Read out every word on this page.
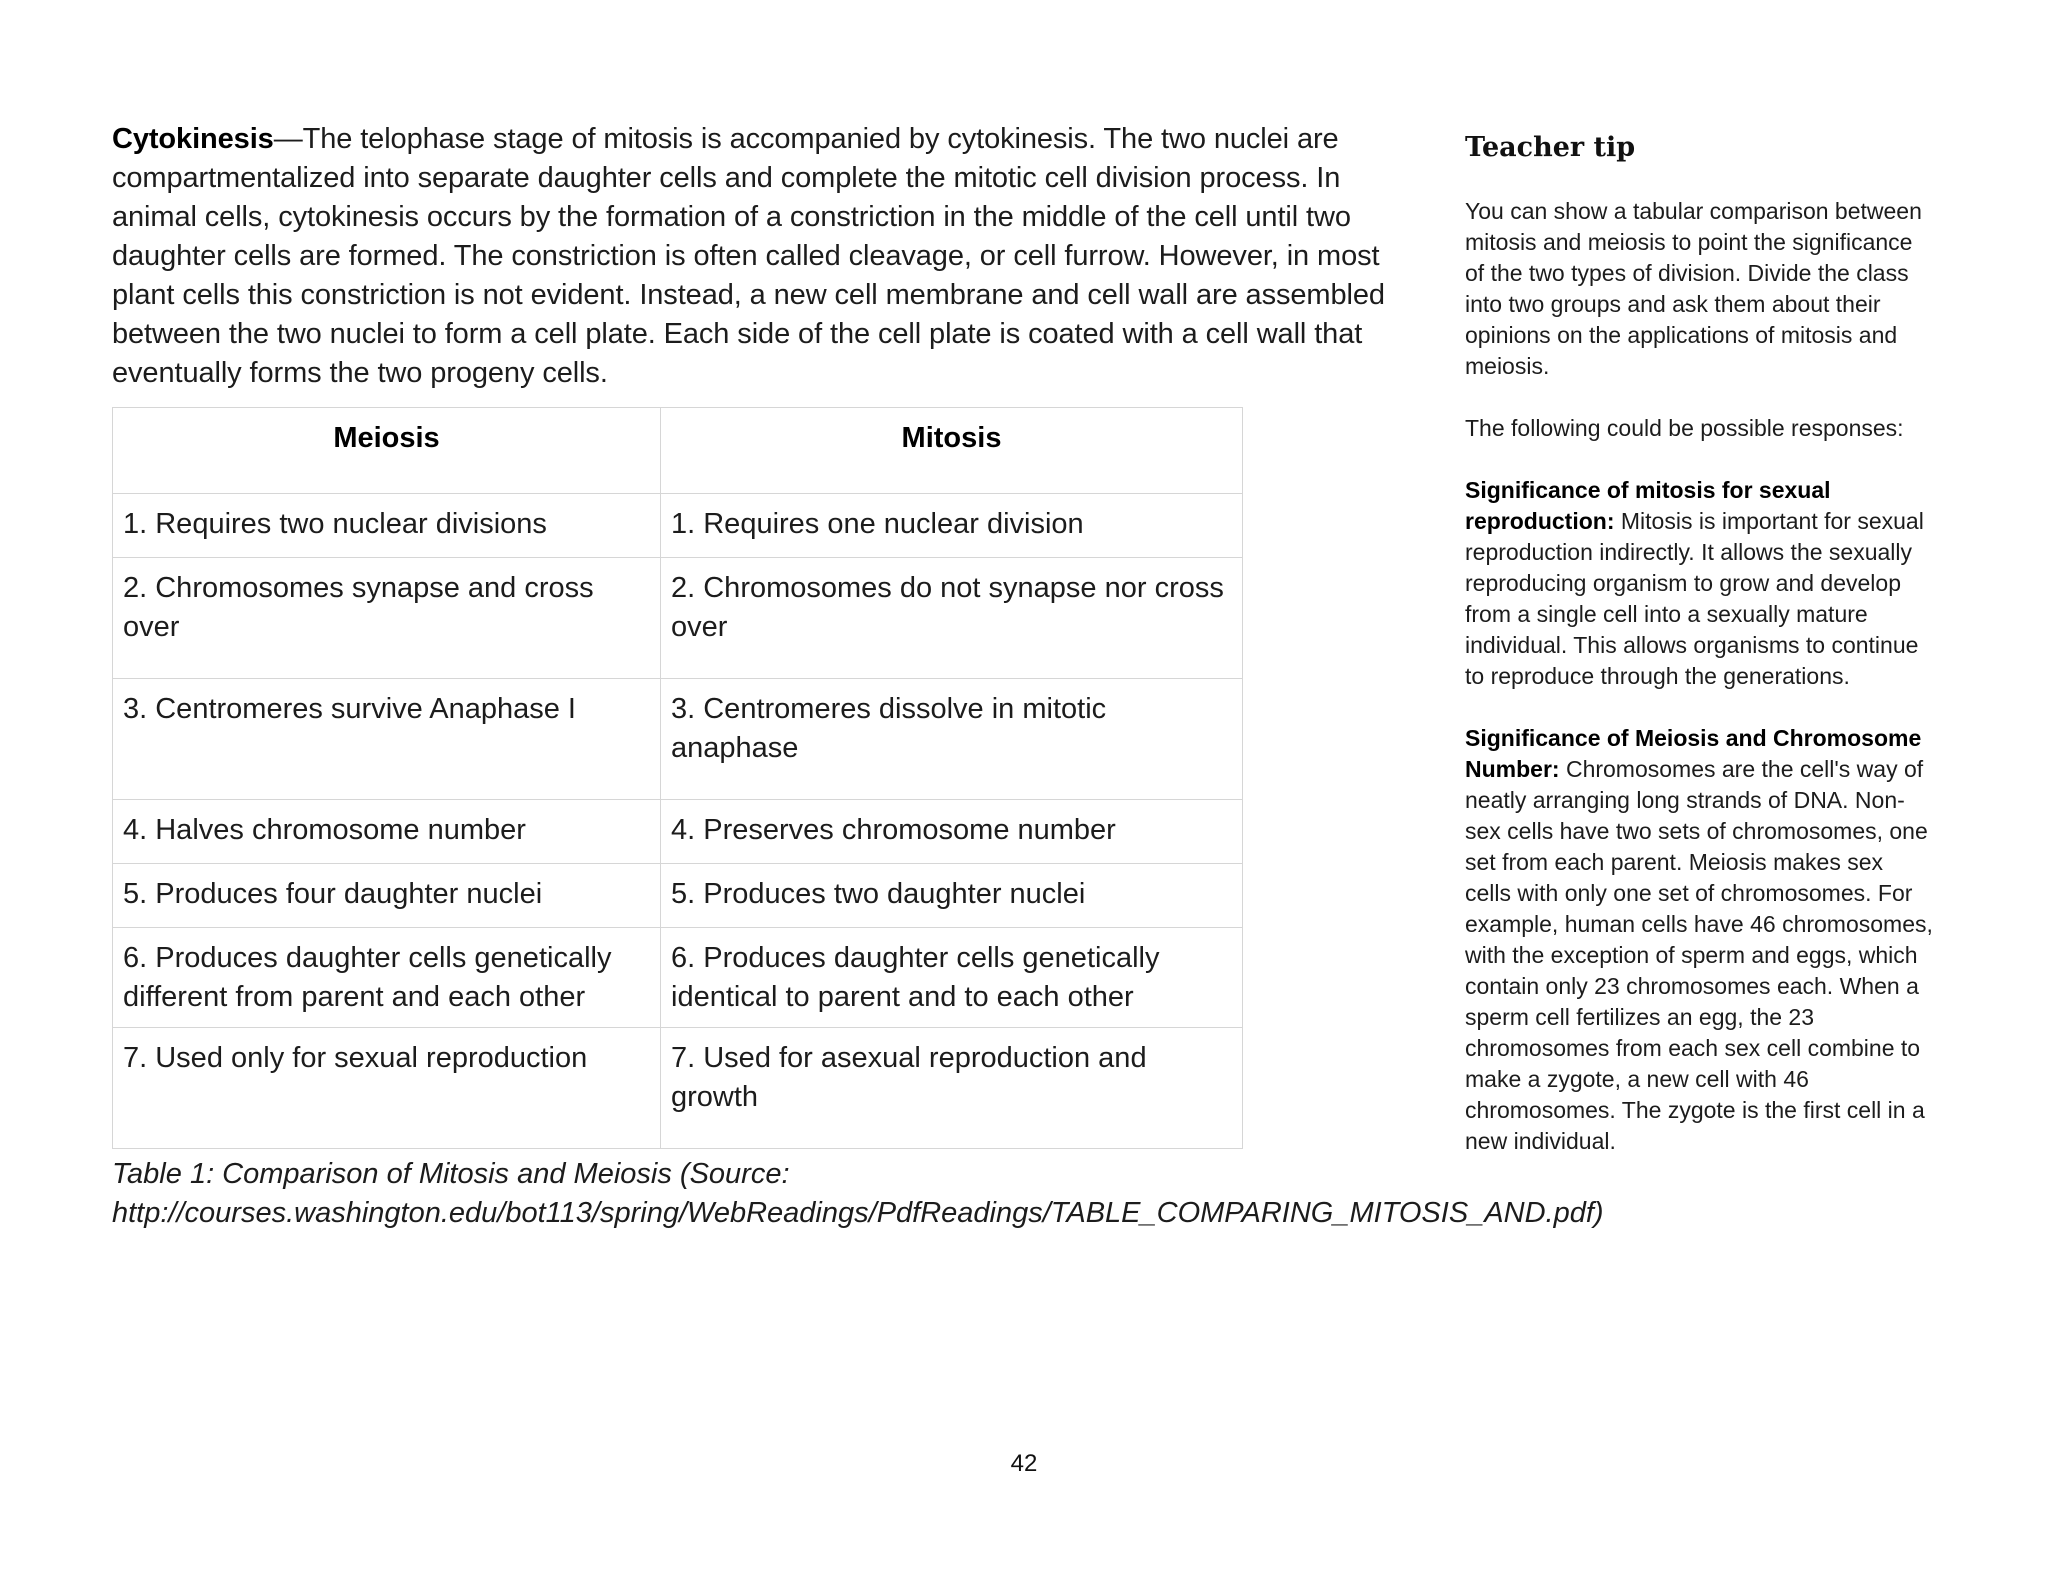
Cytokinesis—The telophase stage of mitosis is accompanied by cytokinesis. The two nuclei are compartmentalized into separate daughter cells and complete the mitotic cell division process. In animal cells, cytokinesis occurs by the formation of a constriction in the middle of the cell until two daughter cells are formed. The constriction is often called cleavage, or cell furrow. However, in most plant cells this constriction is not evident. Instead, a new cell membrane and cell wall are assembled between the two nuclei to form a cell plate. Each side of the cell plate is coated with a cell wall that eventually forms the two progeny cells.

Meiosis	Mitosis
1. Requires two nuclear divisions	1. Requires one nuclear division
2. Chromosomes synapse and cross over	2. Chromosomes do not synapse nor cross over
3. Centromeres survive Anaphase I	3. Centromeres dissolve in mitotic anaphase
4. Halves chromosome number	4. Preserves chromosome number
5. Produces four daughter nuclei	5. Produces two daughter nuclei
6. Produces daughter cells genetically different from parent and each other	6. Produces daughter cells genetically identical to parent and to each other
7. Used only for sexual reproduction	7. Used for asexual reproduction and growth

Table 1: Comparison of Mitosis and Meiosis (Source: http://courses.washington.edu/bot113/spring/WebReadings/PdfReadings/TABLE_COMPARING_MITOSIS_AND.pdf)

Teacher tip

You can show a tabular comparison between mitosis and meiosis to point the significance of the two types of division. Divide the class into two groups and ask them about their opinions on the applications of mitosis and meiosis.

The following could be possible responses:

Significance of mitosis for sexual reproduction: Mitosis is important for sexual reproduction indirectly. It allows the sexually reproducing organism to grow and develop from a single cell into a sexually mature individual. This allows organisms to continue to reproduce through the generations.

Significance of Meiosis and Chromosome Number: Chromosomes are the cell's way of neatly arranging long strands of DNA. Non-sex cells have two sets of chromosomes, one set from each parent. Meiosis makes sex cells with only one set of chromosomes. For example, human cells have 46 chromosomes, with the exception of sperm and eggs, which contain only 23 chromosomes each. When a sperm cell fertilizes an egg, the 23 chromosomes from each sex cell combine to make a zygote, a new cell with 46 chromosomes. The zygote is the first cell in a new individual.

42
